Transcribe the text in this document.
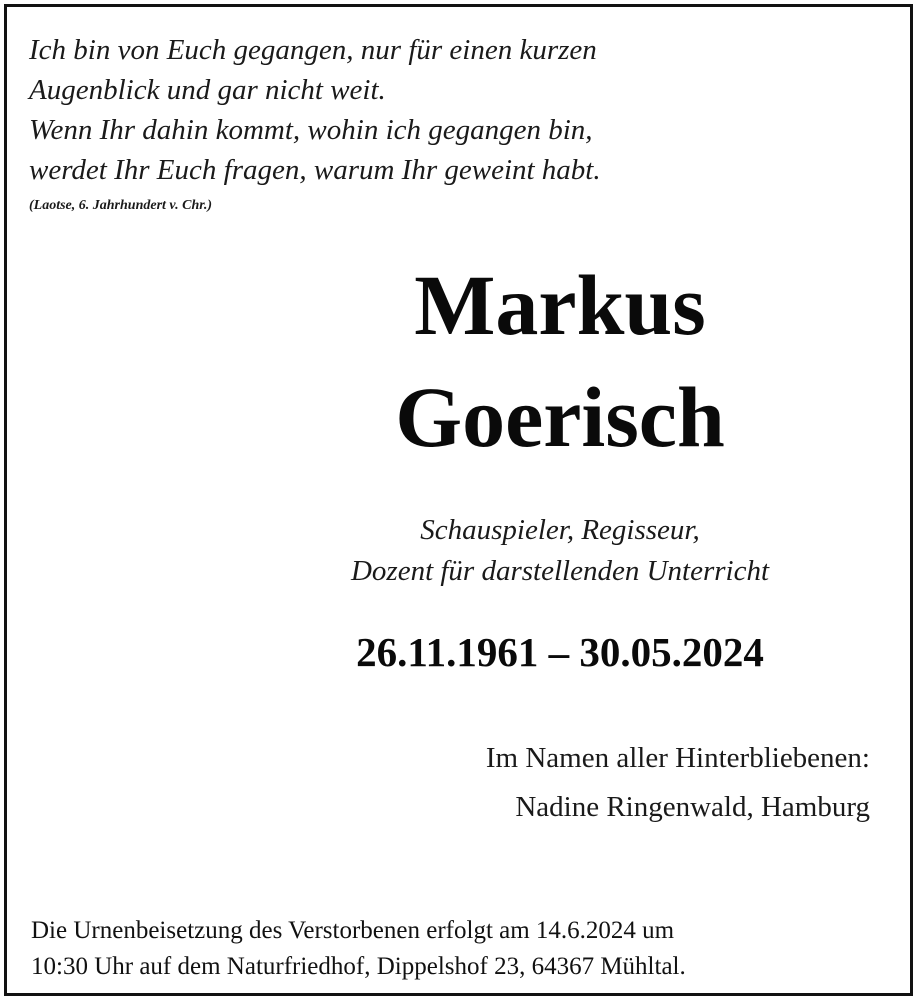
Ich bin von Euch gegangen, nur für einen kurzen
Augenblick und gar nicht weit.
Wenn Ihr dahin kommt, wohin ich gegangen bin,
werdet Ihr Euch fragen, warum Ihr geweint habt.
(Laotse, 6. Jahrhundert v. Chr.)
Markus
Goerisch
Schauspieler, Regisseur,
Dozent für darstellenden Unterricht
26.11.1961 – 30.05.2024
Im Namen aller Hinterbliebenen:
Nadine Ringenwald, Hamburg
Die Urnenbeisetzung des Verstorbenen erfolgt am 14.6.2024 um
10:30 Uhr auf dem Naturfriedhof, Dippelshof 23, 64367 Mühltal.
